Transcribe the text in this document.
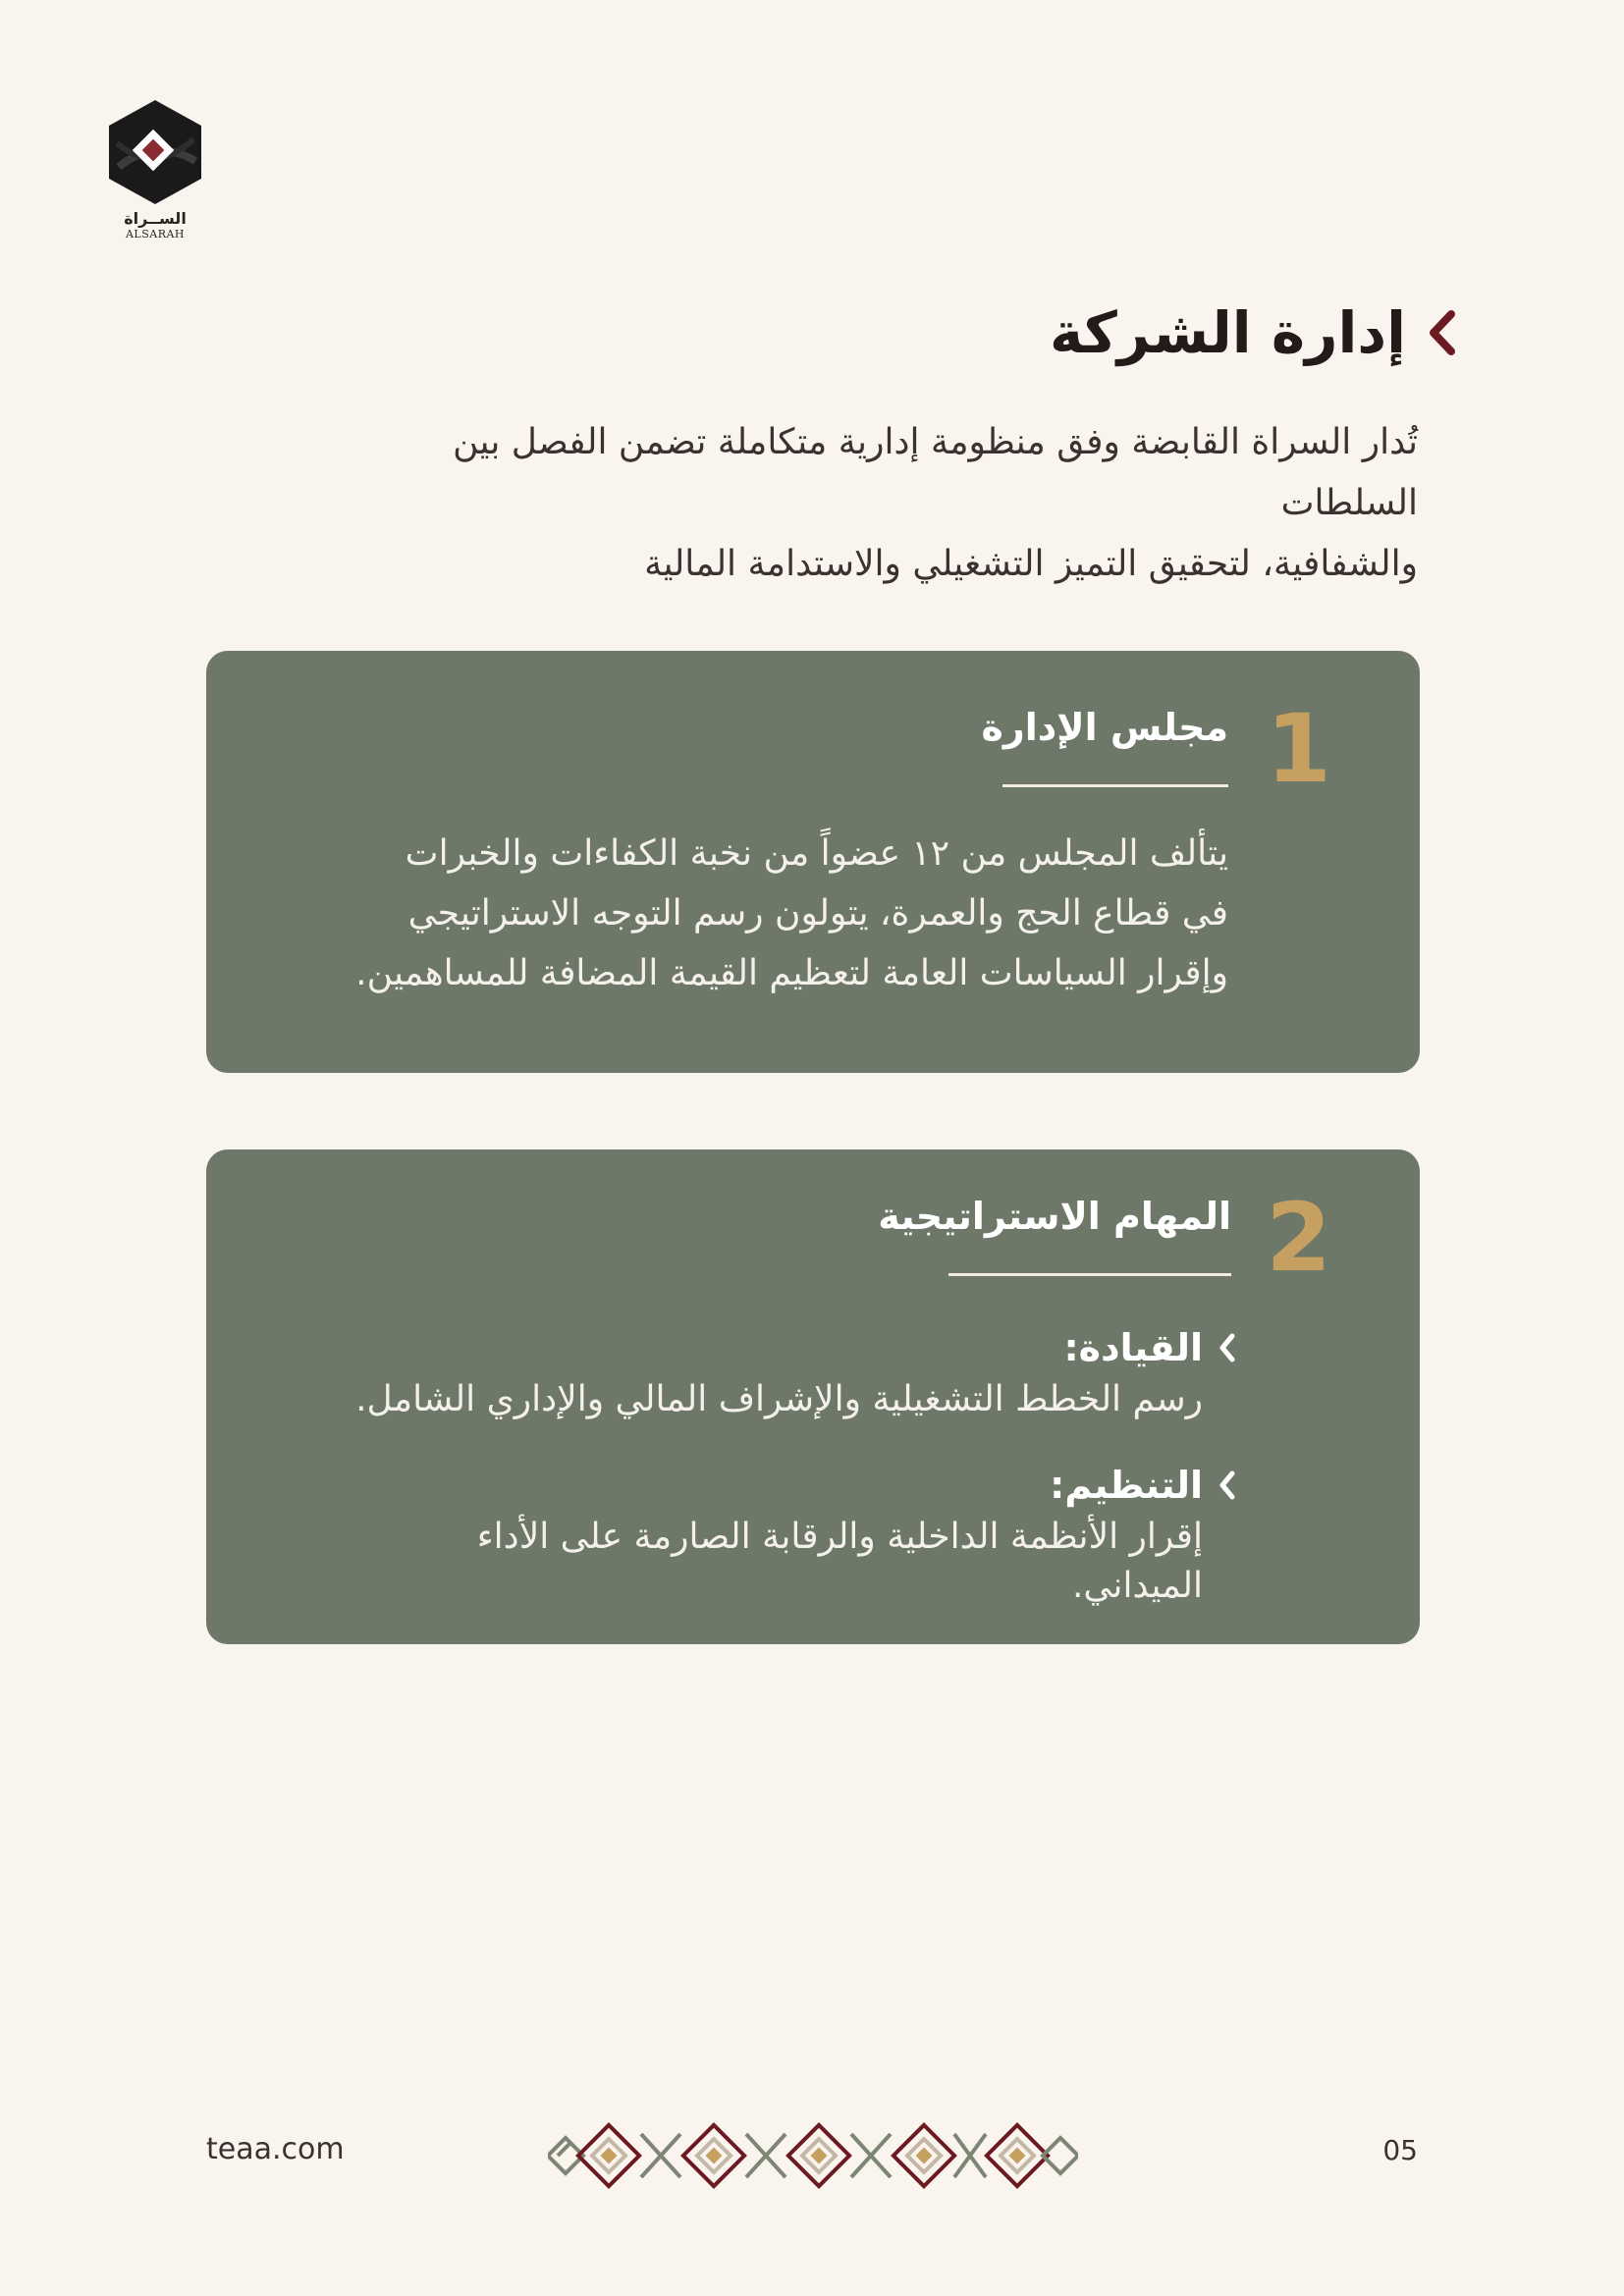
الســراة
ALSARAH
إدارة الشركة
تُدار السراة القابضة وفق منظومة إدارية متكاملة تضمن الفصل بين السلطات
والشفافية، لتحقيق التميز التشغيلي والاستدامة المالية
1
مجلس الإدارة
يتألف المجلس من ١٢ عضواً من نخبة الكفاءات والخبرات
في قطاع الحج والعمرة، يتولون رسم التوجه الاستراتيجي
وإقرار السياسات العامة لتعظيم القيمة المضافة للمساهمين.
2
المهام الاستراتيجية
القيادة:
رسم الخطط التشغيلية والإشراف المالي والإداري الشامل.
التنظيم:
إقرار الأنظمة الداخلية والرقابة الصارمة على الأداء الميداني.
teaa.com	05
